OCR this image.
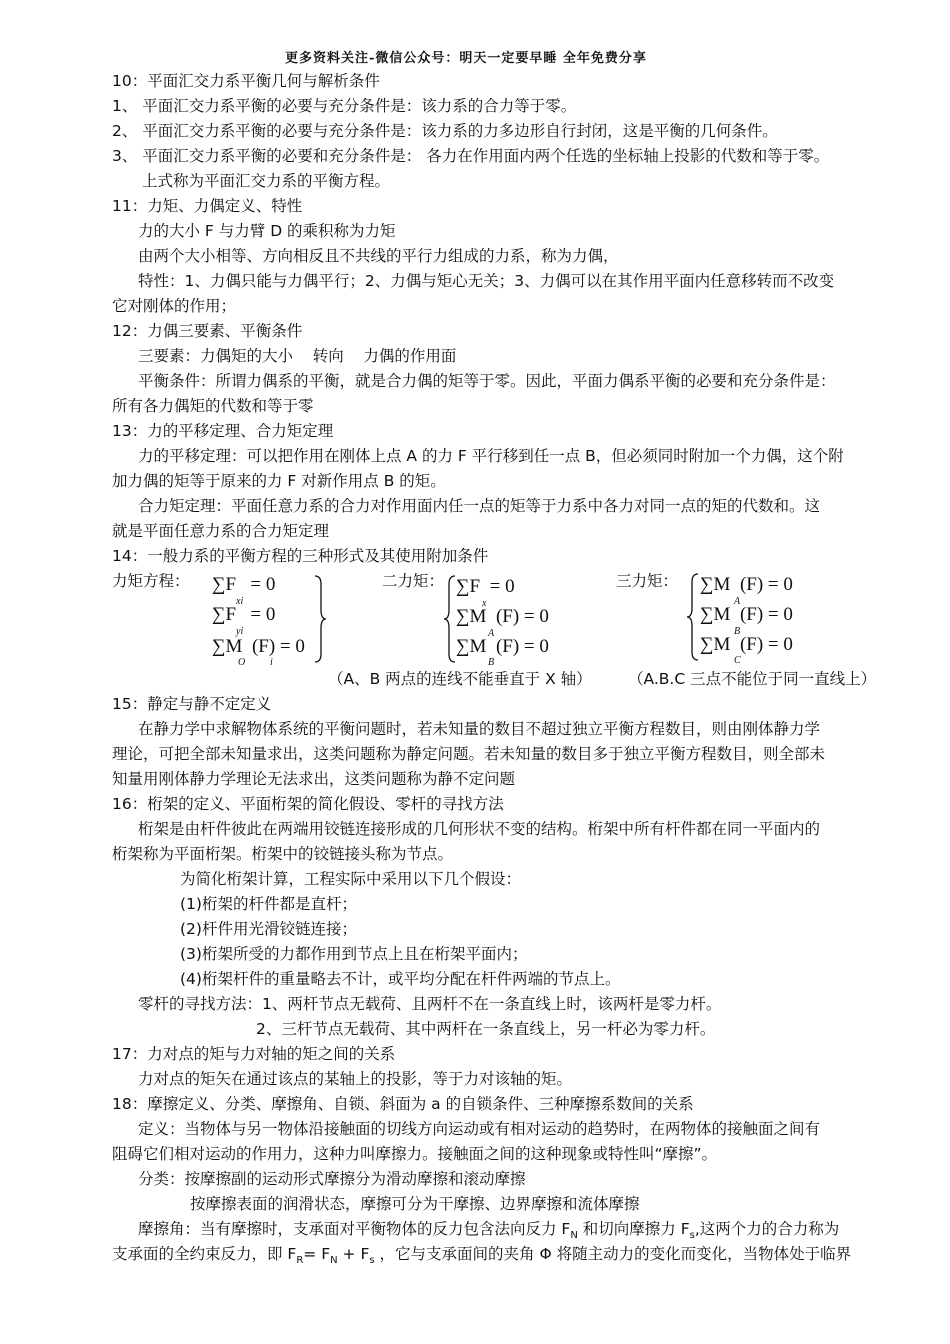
更多资料关注-微信公众号：明天一定要早睡 全年免费分享
10：平面汇交力系平衡几何与解析条件
1、 平面汇交力系平衡的必要与充分条件是：该力系的合力等于零。
2、 平面汇交力系平衡的必要与充分条件是：该力系的力多边形自行封闭，这是平衡的几何条件。
3、 平面汇交力系平衡的必要和充分条件是： 各力在作用面内两个任选的坐标轴上投影的代数和等于零。
上式称为平面汇交力系的平衡方程。
11：力矩、力偶定义、特性
力的大小 F 与力臂 D 的乘积称为力矩
由两个大小相等、方向相反且不共线的平行力组成的力系，称为力偶，
特性：1、力偶只能与力偶平行；2、力偶与矩心无关；3、力偶可以在其作用平面内任意移转而不改变
它对刚体的作用；
12：力偶三要素、平衡条件
三要素：力偶矩的大小    转向    力偶的作用面
平衡条件：所谓力偶系的平衡，就是合力偶的矩等于零。因此，平面力偶系平衡的必要和充分条件是：
所有各力偶矩的代数和等于零
13：力的平移定理、合力矩定理
力的平移定理：可以把作用在刚体上点 A 的力 F 平行移到任一点 B，但必须同时附加一个力偶，这个附
加力偶的矩等于原来的力 F 对新作用点 B 的矩。
合力矩定理：平面任意力系的合力对作用面内任一点的矩等于力系中各力对同一点的矩的代数和。这
就是平面任意力系的合力矩定理
14：一般力系的平衡方程的三种形式及其使用附加条件
力矩方程：	二力矩：	三力矩：
∑F   = 0
xi
∑F   = 0
yi
∑M  (F) = 0
O i
∑F  = 0
x
∑M  (F) = 0
A
∑M  (F) = 0
B
∑M  (F) = 0
A
∑M  (F) = 0
B
∑M  (F) = 0
C
（A、B 两点的连线不能垂直于 X 轴） （A.B.C 三点不能位于同一直线上）
15：静定与静不定定义
在静力学中求解物体系统的平衡问题时，若未知量的数目不超过独立平衡方程数目，则由刚体静力学
理论，可把全部未知量求出，这类问题称为静定问题。若未知量的数目多于独立平衡方程数目，则全部未
知量用刚体静力学理论无法求出，这类问题称为静不定问题
16：桁架的定义、平面桁架的简化假设、零杆的寻找方法
桁架是由杆件彼此在两端用铰链连接形成的几何形状不变的结构。桁架中所有杆件都在同一平面内的
桁架称为平面桁架。桁架中的铰链接头称为节点。
为简化桁架计算，工程实际中采用以下几个假设：
(1)桁架的杆件都是直杆；
(2)杆件用光滑铰链连接；
(3)桁架所受的力都作用到节点上且在桁架平面内；
(4)桁架杆件的重量略去不计，或平均分配在杆件两端的节点上。
零杆的寻找方法：1、两杆节点无载荷、且两杆不在一条直线上时，该两杆是零力杆。
2、三杆节点无载荷、其中两杆在一条直线上，另一杆必为零力杆。
17：力对点的矩与力对轴的矩之间的关系
力对点的矩矢在通过该点的某轴上的投影，等于力对该轴的矩。
18：摩擦定义、分类、摩擦角、自锁、斜面为 a 的自锁条件、三种摩擦系数间的关系
定义：当物体与另一物体沿接触面的切线方向运动或有相对运动的趋势时，在两物体的接触面之间有
阻碍它们相对运动的作用力，这种力叫摩擦力。接触面之间的这种现象或特性叫“摩擦”。
分类：按摩擦副的运动形式摩擦分为滑动摩擦和滚动摩擦
按摩擦表面的润滑状态，摩擦可分为干摩擦、边界摩擦和流体摩擦
摩擦角：当有摩擦时，支承面对平衡物体的反力包含法向反力 $F_N$ 和切向摩擦力 $F_s$,这两个力的合力称为
支承面的全约束反力，即 $F_R= F_N + F_s$ ，它与支承面间的夹角 Φ 将随主动力的变化而变化，当物体处于临界
